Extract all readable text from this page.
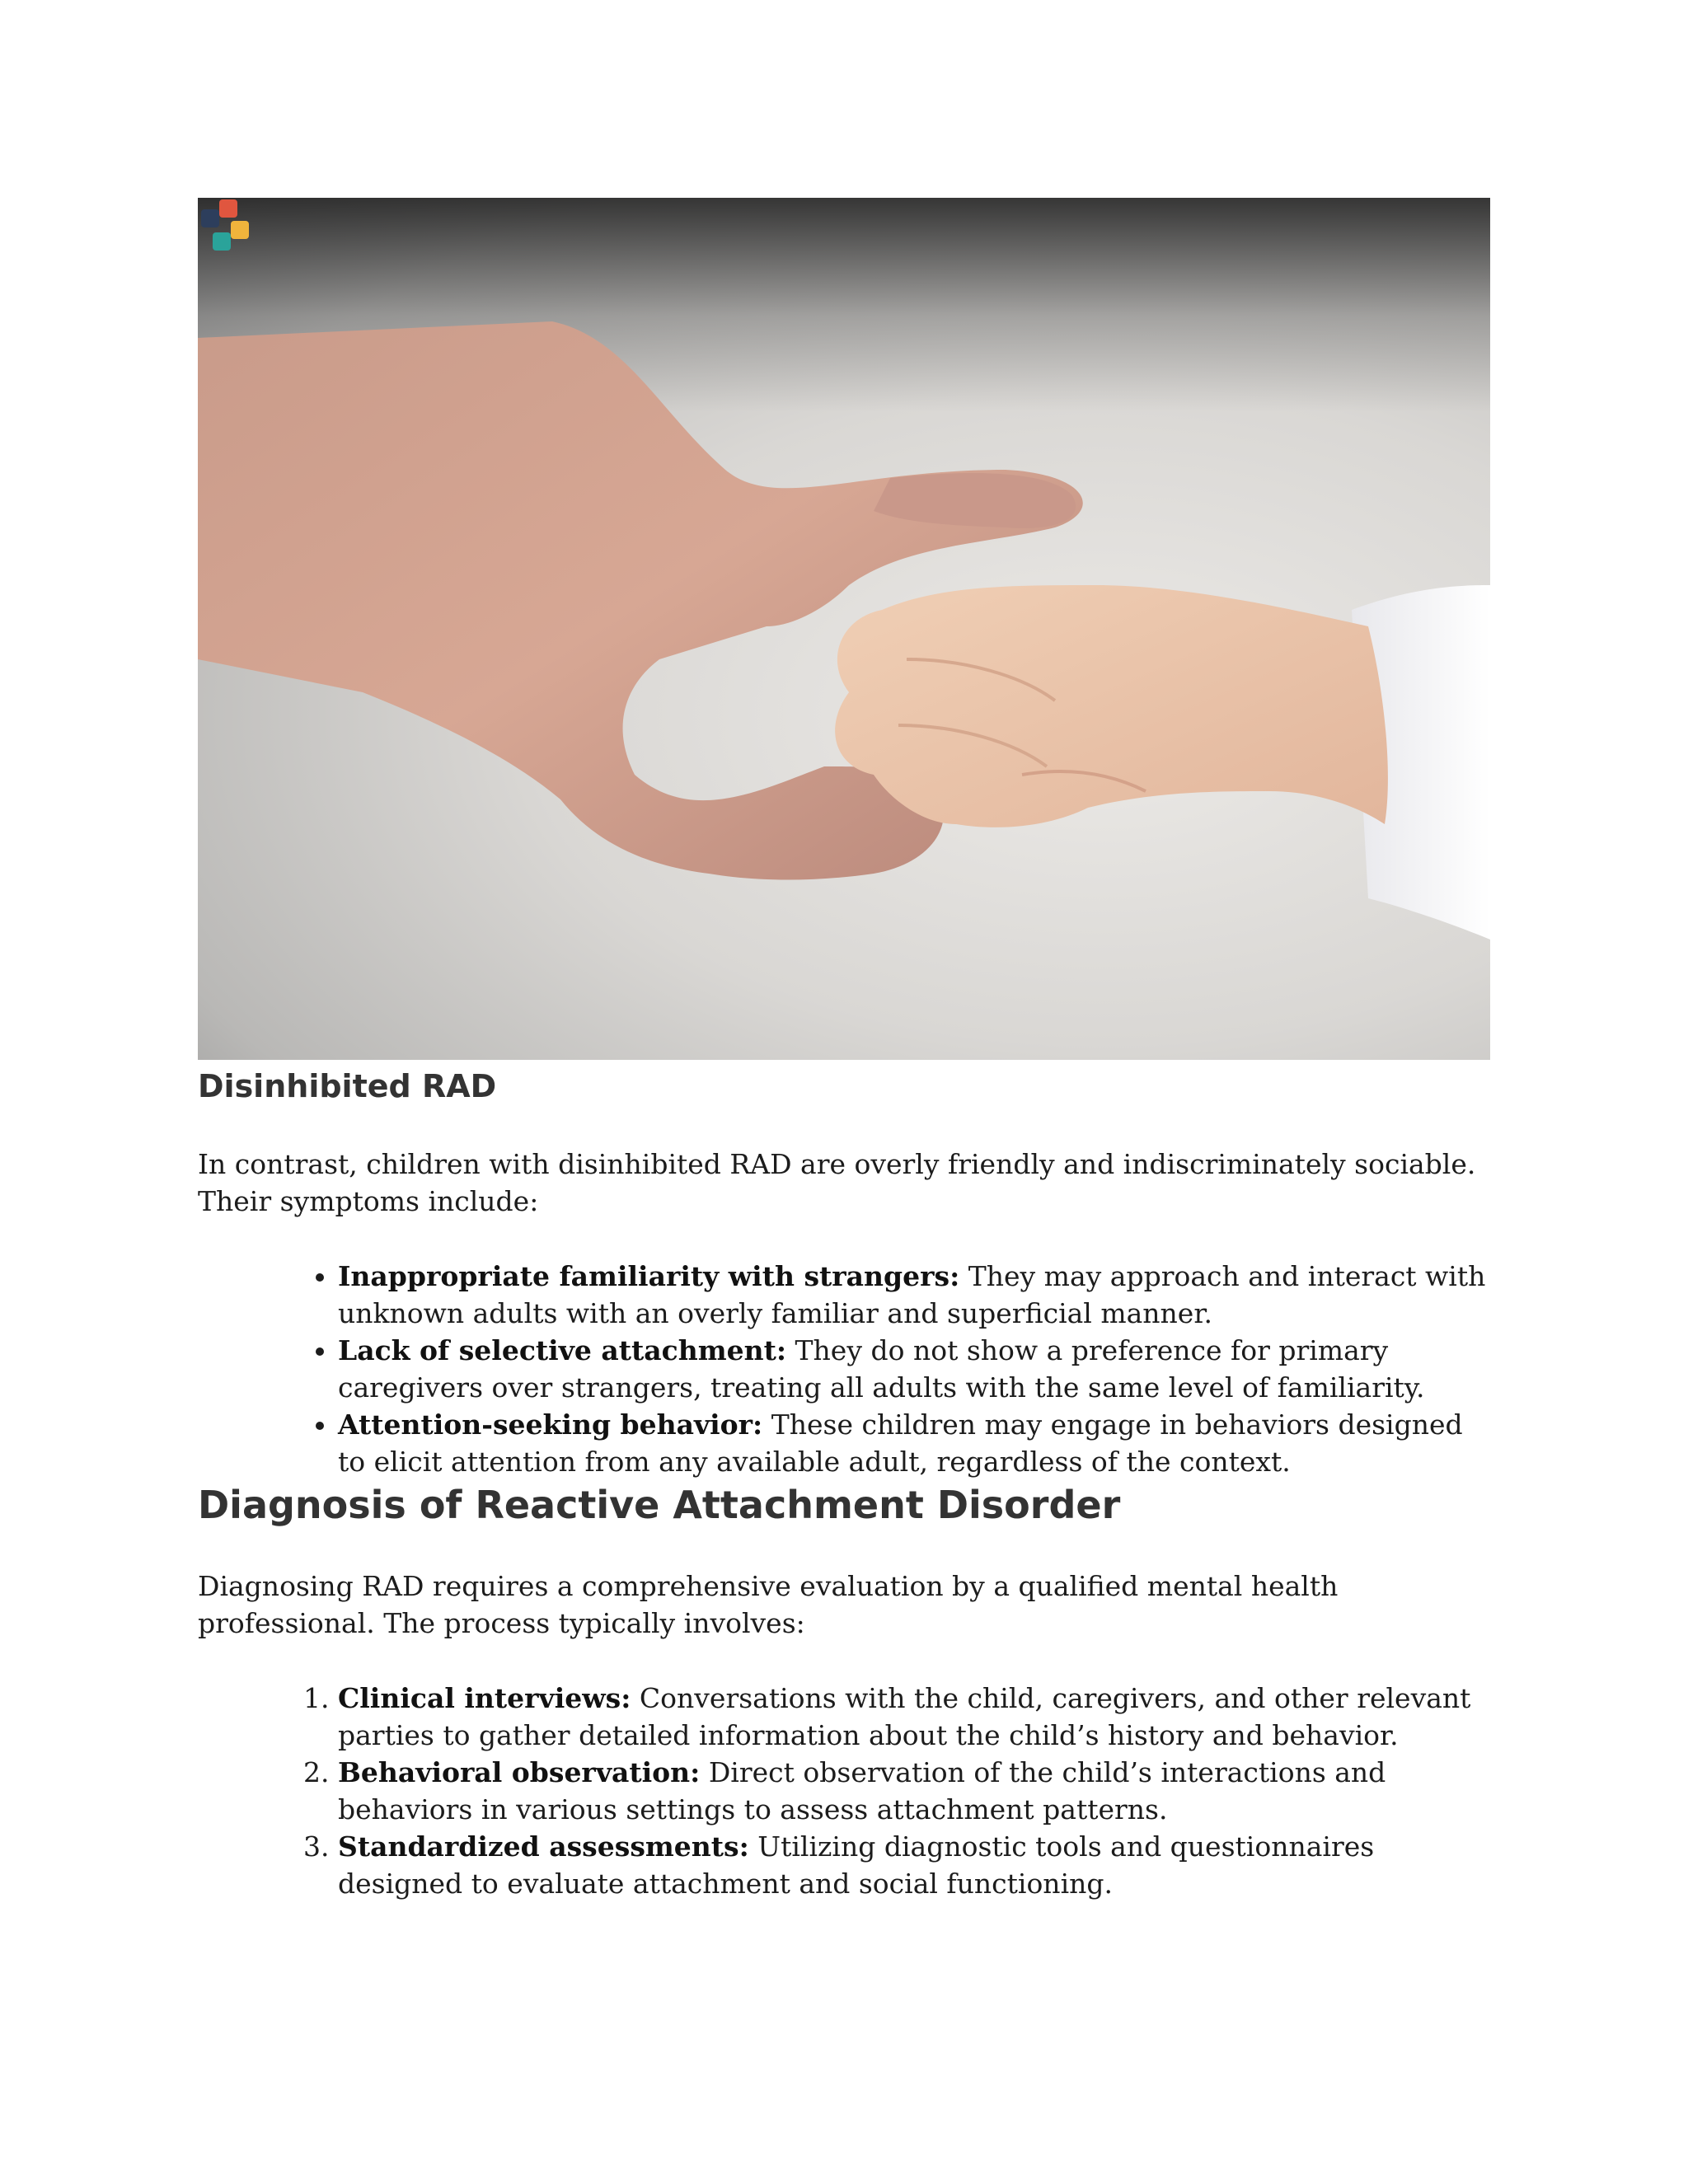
Disinhibited RAD

In contrast, children with disinhibited RAD are overly friendly and indiscriminately sociable. Their symptoms include:

• Inappropriate familiarity with strangers: They may approach and interact with unknown adults with an overly familiar and superficial manner.
• Lack of selective attachment: They do not show a preference for primary caregivers over strangers, treating all adults with the same level of familiarity.
• Attention-seeking behavior: These children may engage in behaviors designed to elicit attention from any available adult, regardless of the context.
Diagnosis of Reactive Attachment Disorder

Diagnosing RAD requires a comprehensive evaluation by a qualified mental health professional. The process typically involves:

1. Clinical interviews: Conversations with the child, caregivers, and other relevant parties to gather detailed information about the child’s history and behavior.
2. Behavioral observation: Direct observation of the child’s interactions and behaviors in various settings to assess attachment patterns.
3. Standardized assessments: Utilizing diagnostic tools and questionnaires designed to evaluate attachment and social functioning.
